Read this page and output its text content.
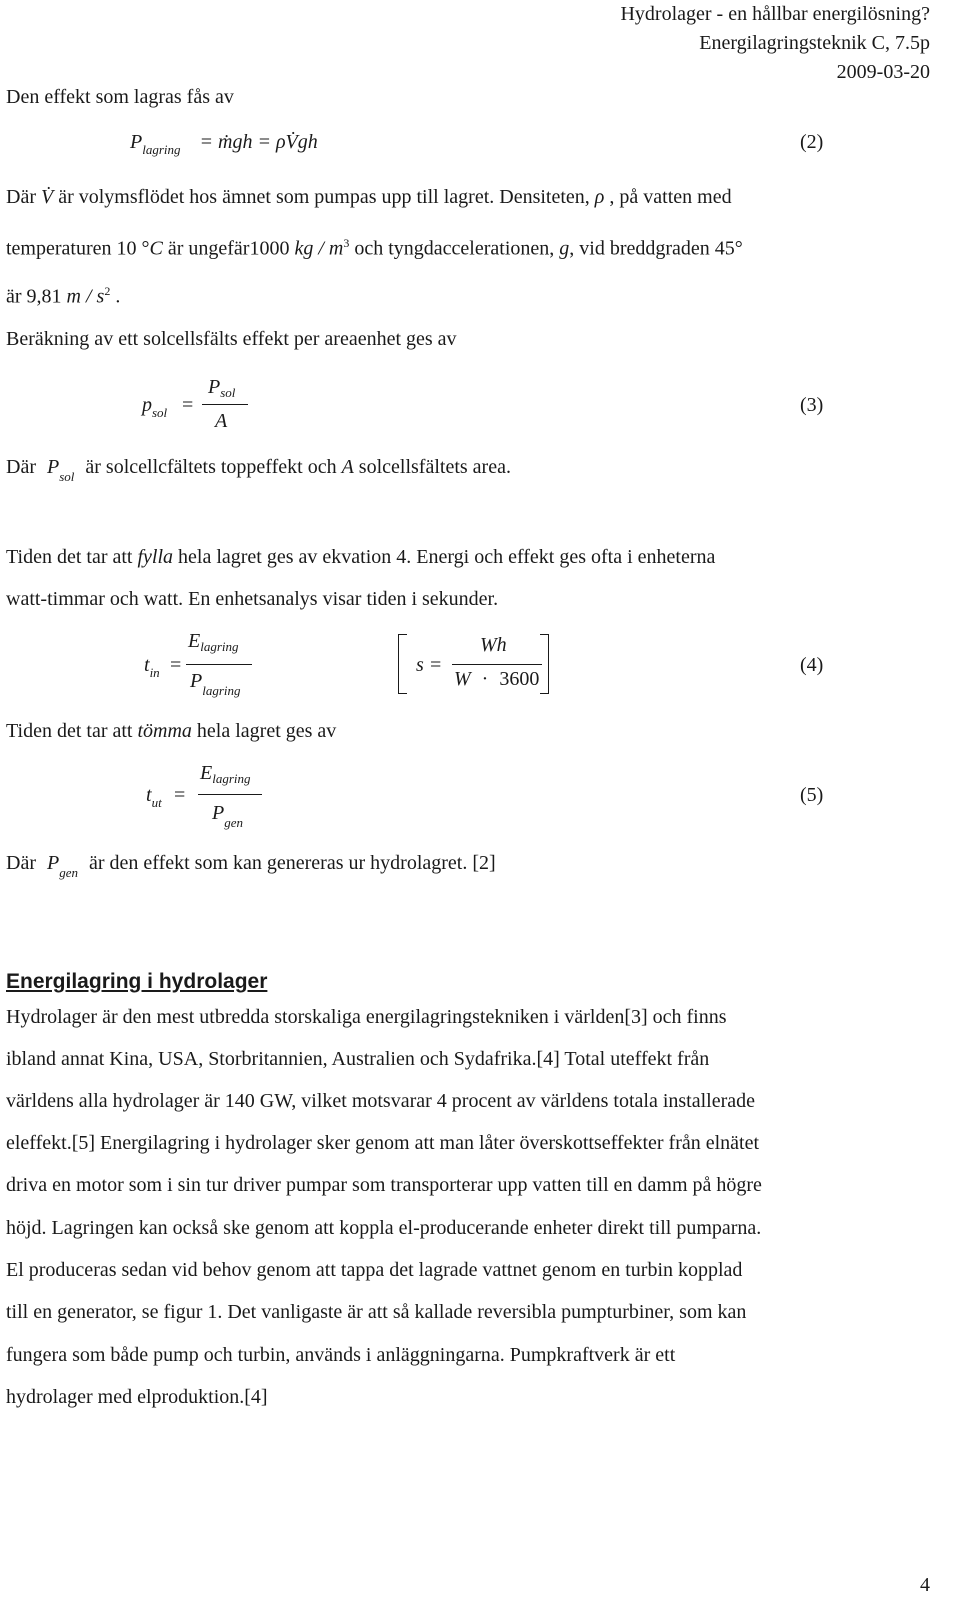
Hydrolager - en hållbar energilösning?
Energilagringsteknik C, 7.5p
2009-03-20
Den effekt som lagras fås av
$P_{lagring}$ = ṁgh = ρV̇gh	(2)
Där V̇ är volymsflödet hos ämnet som pumpas upp till lagret. Densiteten, ρ , på vatten med
temperaturen 10 °C är ungefär1000 kg / $m^3$ och tyngdaccelerationen, g, vid breddgraden 45°
är 9,81 m / $s^2$ .
Beräkning av ett solcellsfälts effekt per areaenhet ges av
$p_{sol}$ =
$P_{sol}$
A
(3)
Där $P_{sol}$ är solcellcfältets toppeffekt och A solcellsfältets area.
Tiden det tar att fylla hela lagret ges av ekvation 4. Energi och effekt ges ofta i enheterna
watt-timmar och watt. En enhetsanalys visar tiden i sekunder.
$t_{in}$ =
$E_{lagring}$
$P_{lagring}$
s =
Wh
W · 3600
(4)
Tiden det tar att tömma hela lagret ges av
$t_{ut}$ =
$E_{lagring}$
$P_{gen}$
(5)
Där $P_{gen}$ är den effekt som kan genereras ur hydrolagret. [2]
Energilagring i hydrolager
Hydrolager är den mest utbredda storskaliga energilagringstekniken i världen[3] och finns
ibland annat Kina, USA, Storbritannien, Australien och Sydafrika.[4] Total uteffekt från
världens alla hydrolager är 140 GW, vilket motsvarar 4 procent av världens totala installerade
eleffekt.[5] Energilagring i hydrolager sker genom att man låter överskottseffekter från elnätet
driva en motor som i sin tur driver pumpar som transporterar upp vatten till en damm på högre
höjd. Lagringen kan också ske genom att koppla el-producerande enheter direkt till pumparna.
El produceras sedan vid behov genom att tappa det lagrade vattnet genom en turbin kopplad
till en generator, se figur 1. Det vanligaste är att så kallade reversibla pumpturbiner, som kan
fungera som både pump och turbin, används i anläggningarna. Pumpkraftverk är ett
hydrolager med elproduktion.[4]
4
